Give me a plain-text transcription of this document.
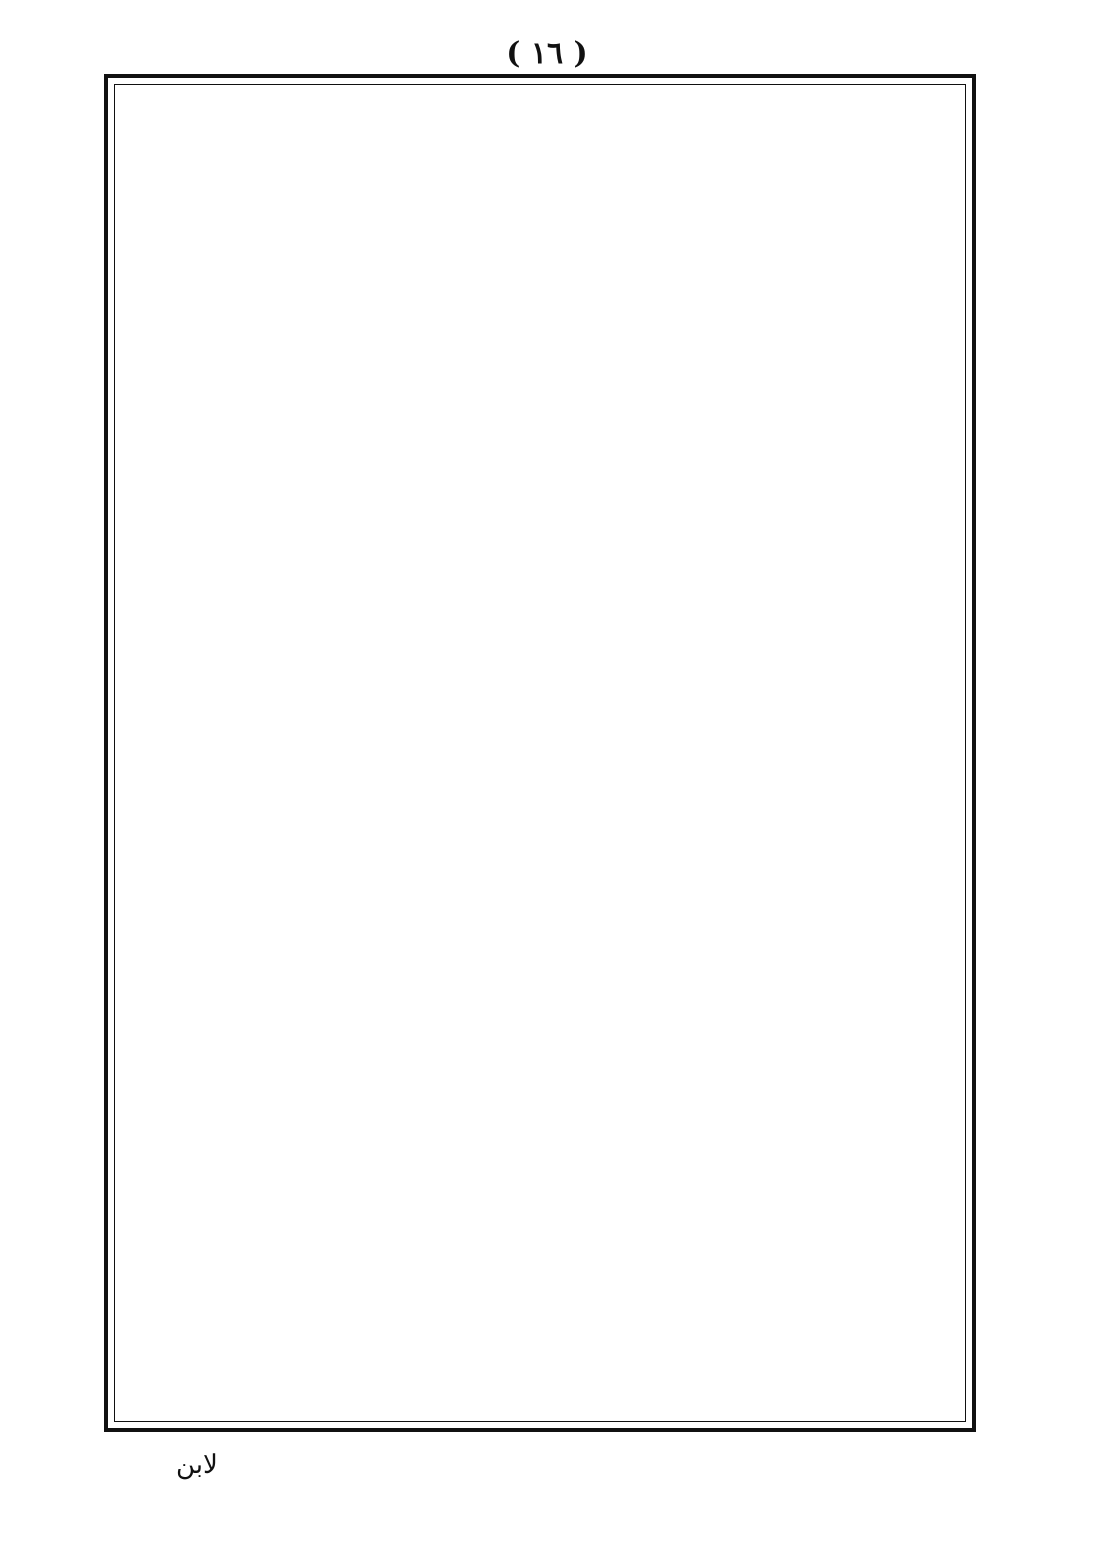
( ١٦ )
لابن
